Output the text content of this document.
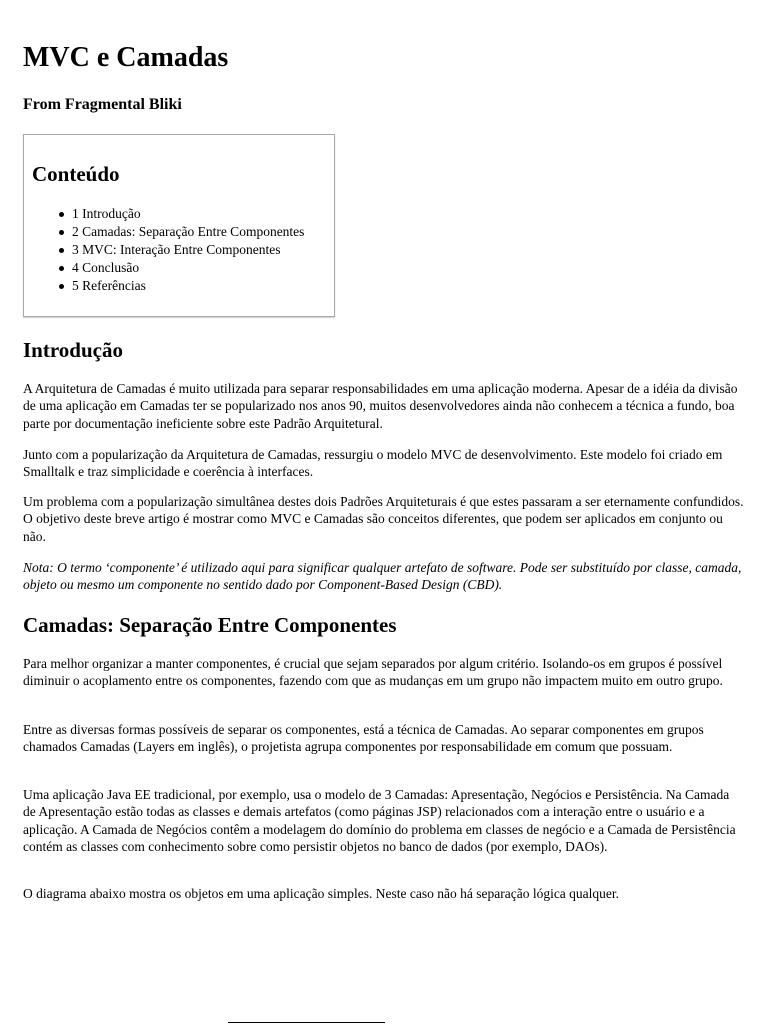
MVC e Camadas
From Fragmental Bliki
Conteúdo
1 Introdução
2 Camadas: Separação Entre Componentes
3 MVC: Interação Entre Componentes
4 Conclusão
5 Referências
Introdução

A Arquitetura de Camadas é muito utilizada para separar responsabilidades em uma aplicação moderna. Apesar de a idéia da divisão de uma aplicação em Camadas ter se popularizado nos anos 90, muitos desenvolvedores ainda não conhecem a técnica a fundo, boa parte por documentação ineficiente sobre este Padrão Arquitetural.

Junto com a popularização da Arquitetura de Camadas, ressurgiu o modelo MVC de desenvolvimento. Este modelo foi criado em Smalltalk e traz simplicidade e coerência à interfaces.

Um problema com a popularização simultânea destes dois Padrões Arquiteturais é que estes passaram a ser eternamente confundidos. O objetivo deste breve artigo é mostrar como MVC e Camadas são conceitos diferentes, que podem ser aplicados em conjunto ou não.

Nota: O termo ‘componente’ é utilizado aqui para significar qualquer artefato de software. Pode ser substituído por classe, camada, objeto ou mesmo um componente no sentido dado por Component-Based Design (CBD).

Camadas: Separação Entre Componentes

Para melhor organizar a manter componentes, é crucial que sejam separados por algum critério. Isolando-os em grupos é possível diminuir o acoplamento entre os componentes, fazendo com que as mudanças em um grupo não impactem muito em outro grupo.

Entre as diversas formas possíveis de separar os componentes, está a técnica de Camadas. Ao separar componentes em grupos chamados Camadas (Layers em inglês), o projetista agrupa componentes por responsabilidade em comum que possuam.

Uma aplicação Java EE tradicional, por exemplo, usa o modelo de 3 Camadas: Apresentação, Negócios e Persistência. Na Camada de Apresentação estão todas as classes e demais artefatos (como páginas JSP) relacionados com a interação entre o usuário e a aplicação. A Camada de Negócios contêm a modelagem do domínio do problema em classes de negócio e a Camada de Persistência contém as classes com conhecimento sobre como persistir objetos no banco de dados (por exemplo, DAOs).

O diagrama abaixo mostra os objetos em uma aplicação simples. Neste caso não há separação lógica qualquer.
